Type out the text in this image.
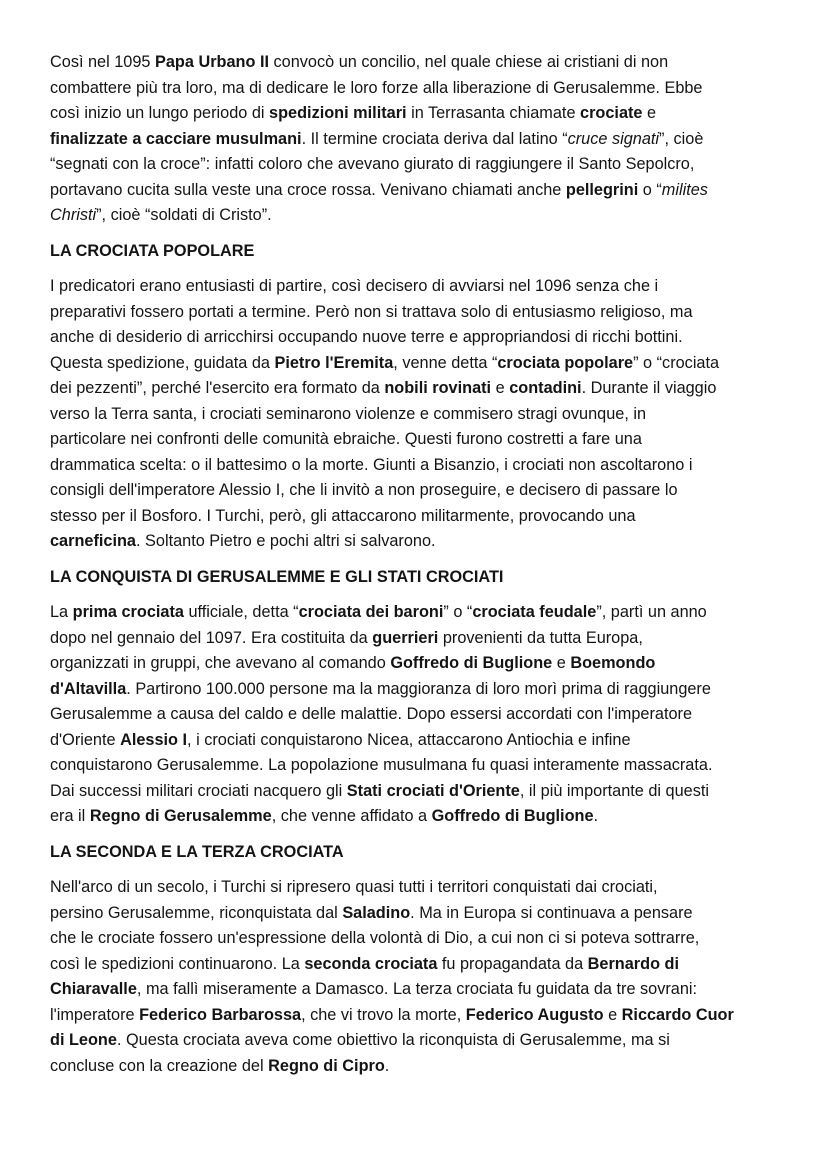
Così nel 1095 Papa Urbano II convocò un concilio, nel quale chiese ai cristiani di non
combattere più tra loro, ma di dedicare le loro forze alla liberazione di Gerusalemme. Ebbe
così inizio un lungo periodo di spedizioni militari in Terrasanta chiamate crociate e
finalizzate a cacciare musulmani. Il termine crociata deriva dal latino “cruce signati”, cioè
“segnati con la croce”: infatti coloro che avevano giurato di raggiungere il Santo Sepolcro,
portavano cucita sulla veste una croce rossa. Venivano chiamati anche pellegrini o “milites
Christi”, cioè “soldati di Cristo”.

LA CROCIATA POPOLARE

I predicatori erano entusiasti di partire, così decisero di avviarsi nel 1096 senza che i
preparativi fossero portati a termine. Però non si trattava solo di entusiasmo religioso, ma
anche di desiderio di arricchirsi occupando nuove terre e appropriandosi di ricchi bottini.
Questa spedizione, guidata da Pietro l'Eremita, venne detta “crociata popolare” o “crociata
dei pezzenti”, perché l'esercito era formato da nobili rovinati e contadini. Durante il viaggio
verso la Terra santa, i crociati seminarono violenze e commisero stragi ovunque, in
particolare nei confronti delle comunità ebraiche. Questi furono costretti a fare una
drammatica scelta: o il battesimo o la morte. Giunti a Bisanzio, i crociati non ascoltarono i
consigli dell'imperatore Alessio I, che li invitò a non proseguire, e decisero di passare lo
stesso per il Bosforo. I Turchi, però, gli attaccarono militarmente, provocando una
carneficina. Soltanto Pietro e pochi altri si salvarono.

LA CONQUISTA DI GERUSALEMME E GLI STATI CROCIATI

La prima crociata ufficiale, detta “crociata dei baroni” o “crociata feudale”, partì un anno
dopo nel gennaio del 1097. Era costituita da guerrieri provenienti da tutta Europa,
organizzati in gruppi, che avevano al comando Goffredo di Buglione e Boemondo
d'Altavilla. Partirono 100.000 persone ma la maggioranza di loro morì prima di raggiungere
Gerusalemme a causa del caldo e delle malattie. Dopo essersi accordati con l'imperatore
d'Oriente Alessio I, i crociati conquistarono Nicea, attaccarono Antiochia e infine
conquistarono Gerusalemme. La popolazione musulmana fu quasi interamente massacrata.
Dai successi militari crociati nacquero gli Stati crociati d'Oriente, il più importante di questi
era il Regno di Gerusalemme, che venne affidato a Goffredo di Buglione.

LA SECONDA E LA TERZA CROCIATA

Nell'arco di un secolo, i Turchi si ripresero quasi tutti i territori conquistati dai crociati,
persino Gerusalemme, riconquistata dal Saladino. Ma in Europa si continuava a pensare
che le crociate fossero un'espressione della volontà di Dio, a cui non ci si poteva sottrarre,
così le spedizioni continuarono. La seconda crociata fu propagandata da Bernardo di
Chiaravalle, ma fallì miseramente a Damasco. La terza crociata fu guidata da tre sovrani:
l'imperatore Federico Barbarossa, che vi trovo la morte, Federico Augusto e Riccardo Cuor
di Leone. Questa crociata aveva come obiettivo la riconquista di Gerusalemme, ma si
concluse con la creazione del Regno di Cipro.
